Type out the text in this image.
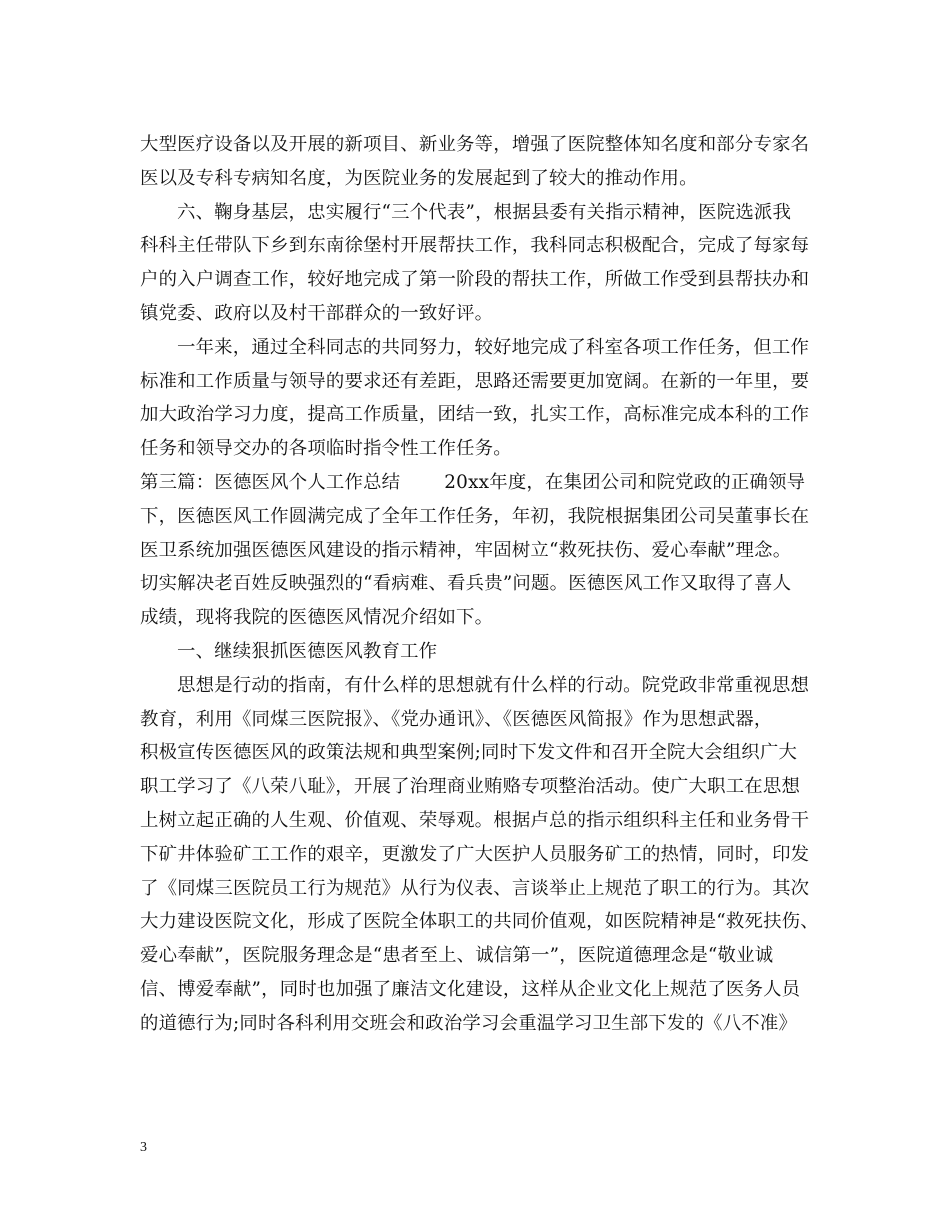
大型医疗设备以及开展的新项目、新业务等，增强了医院整体知名度和部分专家名
医以及专科专病知名度，为医院业务的发展起到了较大的推动作用。
六、鞠身基层，忠实履行“三个代表”，根据县委有关指示精神，医院选派我
科科主任带队下乡到东南徐堡村开展帮扶工作，我科同志积极配合，完成了每家每
户的入户调查工作，较好地完成了第一阶段的帮扶工作，所做工作受到县帮扶办和
镇党委、政府以及村干部群众的一致好评。
一年来，通过全科同志的共同努力，较好地完成了科室各项工作任务，但工作
标准和工作质量与领导的要求还有差距，思路还需要更加宽阔。在新的一年里，要
加大政治学习力度，提高工作质量，团结一致，扎实工作，高标准完成本科的工作
任务和领导交办的各项临时指令性工作任务。
第三篇：医德医风个人工作总结 20xx年度，在集团公司和院党政的正确领导
下，医德医风工作圆满完成了全年工作任务，年初，我院根据集团公司吴董事长在
医卫系统加强医德医风建设的指示精神，牢固树立“救死扶伤、爱心奉献”理念。
切实解决老百姓反映强烈的“看病难、看兵贵”问题。医德医风工作又取得了喜人
成绩，现将我院的医德医风情况介绍如下。
一、继续狠抓医德医风教育工作
思想是行动的指南，有什么样的思想就有什么样的行动。院党政非常重视思想
教育，利用《同煤三医院报》、《党办通讯》、《医德医风简报》作为思想武器，
积极宣传医德医风的政策法规和典型案例;同时下发文件和召开全院大会组织广大
职工学习了《八荣八耻》，开展了治理商业贿赂专项整治活动。使广大职工在思想
上树立起正确的人生观、价值观、荣辱观。根据卢总的指示组织科主任和业务骨干
下矿井体验矿工工作的艰辛，更激发了广大医护人员服务矿工的热情，同时，印发
了《同煤三医院员工行为规范》从行为仪表、言谈举止上规范了职工的行为。其次
大力建设医院文化，形成了医院全体职工的共同价值观，如医院精神是“救死扶伤、
爱心奉献”，医院服务理念是“患者至上、诚信第一”，医院道德理念是“敬业诚
信、博爱奉献”，同时也加强了廉洁文化建设，这样从企业文化上规范了医务人员
的道德行为;同时各科利用交班会和政治学习会重温学习卫生部下发的《八不准》
3
